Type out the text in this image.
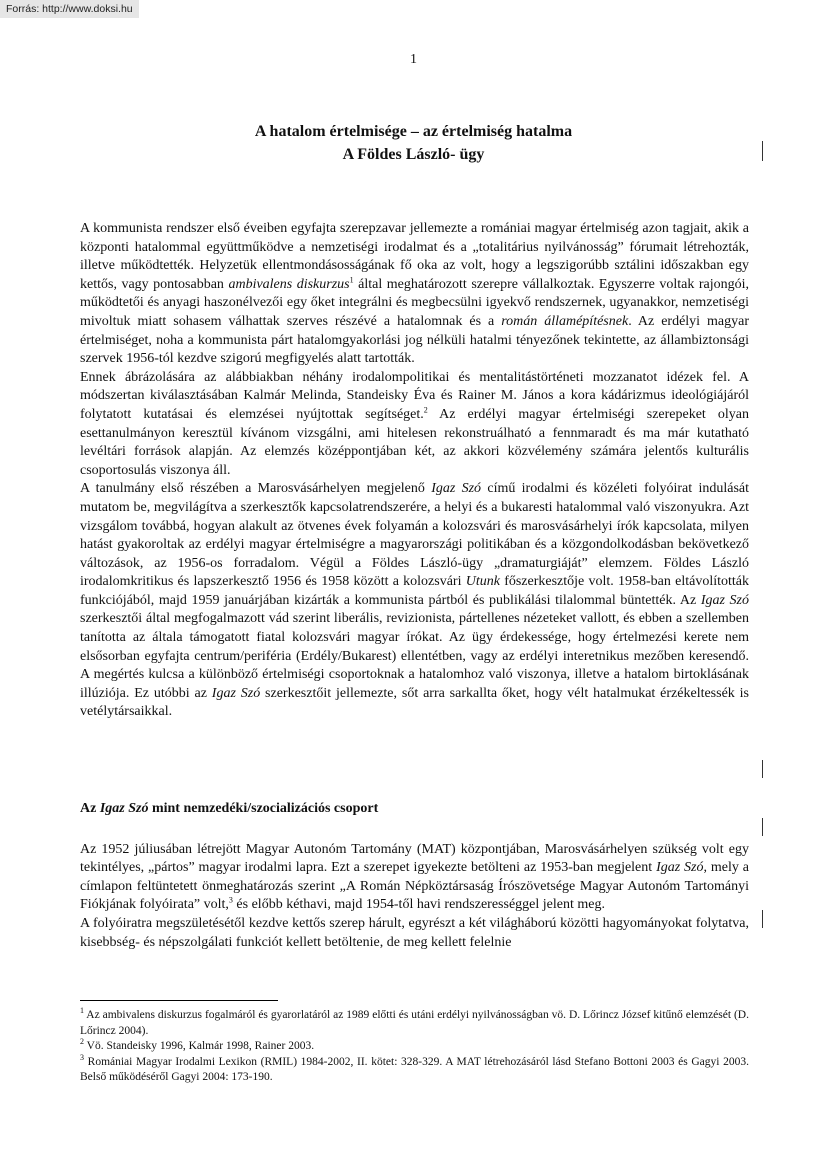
Forrás: http://www.doksi.hu
1
A hatalom értelmisége – az értelmiség hatalma
A Földes László- ügy

A kommunista rendszer első éveiben egyfajta szerepzavar jellemezte a romániai magyar értelmiség azon tagjait, akik a központi hatalommal együttműködve a nemzetiségi irodalmat és a „totalitárius nyilvánosság” fórumait létrehozták, illetve működtették. Helyzetük ellentmondásosságának fő oka az volt, hogy a legszigorúbb sztálini időszakban egy kettős, vagy pontosabban ambivalens diskurzus$^1$ által meghatározott szerepre vállalkoztak. Egyszerre voltak rajongói, működtetői és anyagi haszonélvezői egy őket integrálni és megbecsülni igyekvő rendszernek, ugyanakkor, nemzetiségi mivoltuk miatt sohasem válhattak szerves részévé a hatalomnak és a román államépítésnek. Az erdélyi magyar értelmiséget, noha a kommunista párt hatalomgyakorlási jog nélküli hatalmi tényezőnek tekintette, az állambiztonsági szervek 1956-tól kezdve szigorú megfigyelés alatt tartották.

Ennek ábrázolására az alábbiakban néhány irodalompolitikai és mentalitástörténeti mozzanatot idézek fel. A módszertan kiválasztásában Kalmár Melinda, Standeisky Éva és Rainer M. János a kora kádárizmus ideológiájáról folytatott kutatásai és elemzései nyújtottak segítséget.$^2$ Az erdélyi magyar értelmiségi szerepeket olyan esettanulmányon keresztül kívánom vizsgálni, ami hitelesen rekonstruálható a fennmaradt és ma már kutatható levéltári források alapján. Az elemzés középpontjában két, az akkori közvélemény számára jelentős kulturális csoportosulás viszonya áll.

A tanulmány első részében a Marosvásárhelyen megjelenő Igaz Szó című irodalmi és közéleti folyóirat indulását mutatom be, megvilágítva a szerkesztők kapcsolatrendszerére, a helyi és a bukaresti hatalommal való viszonyukra. Azt vizsgálom továbbá, hogyan alakult az ötvenes évek folyamán a kolozsvári és marosvásárhelyi írók kapcsolata, milyen hatást gyakoroltak az erdélyi magyar értelmiségre a magyarországi politikában és a közgondolkodásban bekövetkező változások, az 1956-os forradalom. Végül a Földes László-ügy „dramaturgiáját” elemzem. Földes László irodalomkritikus és lapszerkesztő 1956 és 1958 között a kolozsvári Utunk főszerkesztője volt. 1958-ban eltávolították funkciójából, majd 1959 januárjában kizárták a kommunista pártból és publikálási tilalommal büntették. Az Igaz Szó szerkesztői által megfogalmazott vád szerint liberális, revizionista, pártellenes nézeteket vallott, és ebben a szellemben tanította az általa támogatott fiatal kolozsvári magyar írókat. Az ügy érdekessége, hogy értelmezési kerete nem elsősorban egyfajta centrum/periféria (Erdély/Bukarest) ellentétben, vagy az erdélyi interetnikus mezőben keresendő. A megértés kulcsa a különböző értelmiségi csoportoknak a hatalomhoz való viszonya, illetve a hatalom birtoklásának illúziója. Ez utóbbi az Igaz Szó szerkesztőit jellemezte, sőt arra sarkallta őket, hogy vélt hatalmukat érzékeltessék is vetélytársaikkal.

Az Igaz Szó mint nemzedéki/szocializációs csoport

Az 1952 júliusában létrejött Magyar Autonóm Tartomány (MAT) központjában, Marosvásárhelyen szükség volt egy tekintélyes, „pártos” magyar irodalmi lapra. Ezt a szerepet igyekezte betölteni az 1953-ban megjelent Igaz Szó, mely a címlapon feltüntetett önmeghatározás szerint „A Román Népköztársaság Írószövetsége Magyar Autonóm Tartományi Fiókjának folyóirata” volt,$^3$ és előbb kéthavi, majd 1954-től havi rendszerességgel jelent meg.

A folyóiratra megszületésétől kezdve kettős szerep hárult, egyrészt a két világháború közötti hagyományokat folytatva, kisebbség- és népszolgálati funkciót kellett betöltenie, de meg kellett felelnie

$^1$ Az ambivalens diskurzus fogalmáról és gyarorlatáról az 1989 előtti és utáni erdélyi nyilvánosságban vö. D. Lőrincz József kitűnő elemzését (D. Lőrincz 2004).

$^2$ Vö. Standeisky 1996, Kalmár 1998, Rainer 2003.

$^3$ Romániai Magyar Irodalmi Lexikon (RMIL) 1984-2002, II. kötet: 328-329. A MAT létrehozásáról lásd Stefano Bottoni 2003 és Gagyi 2003. Belső működéséről Gagyi 2004: 173-190.
